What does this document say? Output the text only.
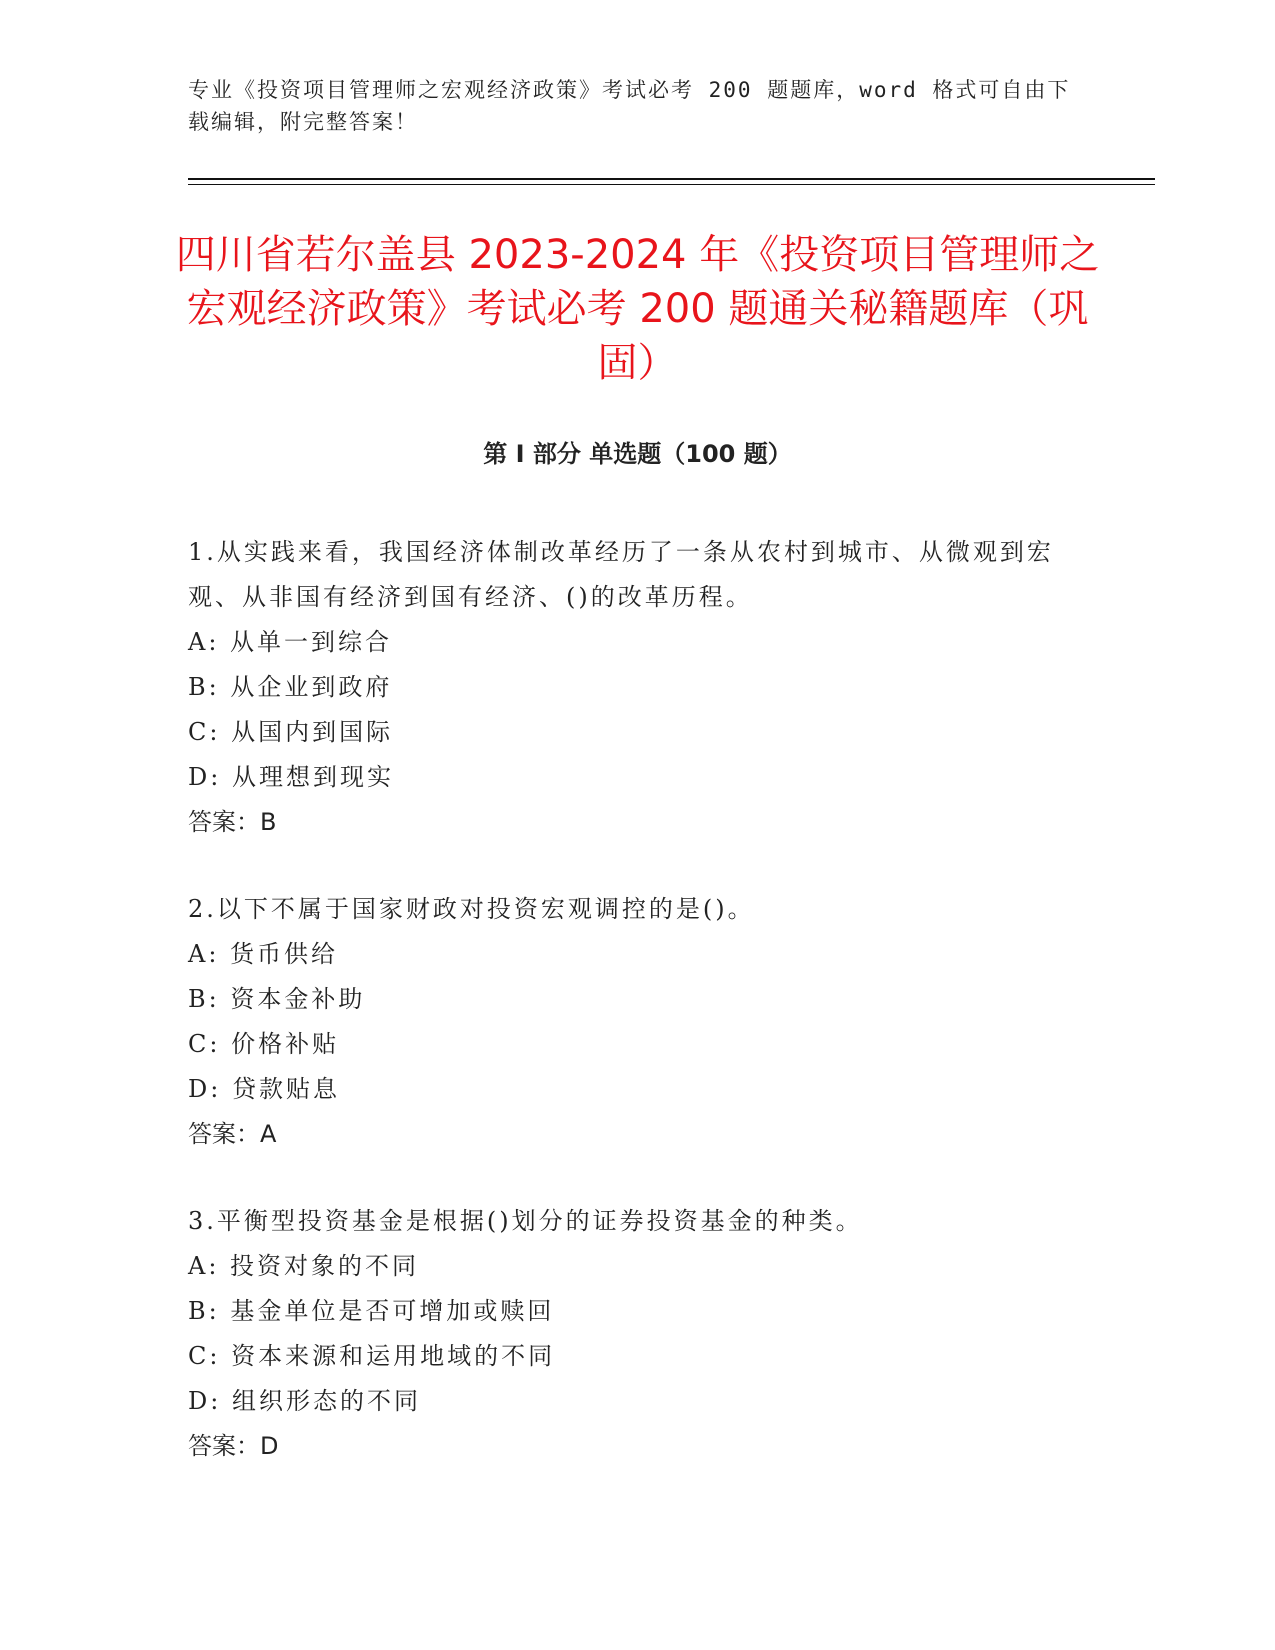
专业《投资项目管理师之宏观经济政策》考试必考 200 题题库，word 格式可自由下载编辑，附完整答案！
四川省若尔盖县 2023-2024 年《投资项目管理师之宏观经济政策》考试必考 200 题通关秘籍题库（巩固）
第 I 部分 单选题（100 题）
1.从实践来看，我国经济体制改革经历了一条从农村到城市、从微观到宏观、从非国有经济到国有经济、()的改革历程。
A: 从单一到综合
B: 从企业到政府
C: 从国内到国际
D: 从理想到现实
答案：B
2.以下不属于国家财政对投资宏观调控的是()。
A: 货币供给
B: 资本金补助
C: 价格补贴
D: 贷款贴息
答案：A
3.平衡型投资基金是根据()划分的证券投资基金的种类。
A: 投资对象的不同
B: 基金单位是否可增加或赎回
C: 资本来源和运用地域的不同
D: 组织形态的不同
答案：D
